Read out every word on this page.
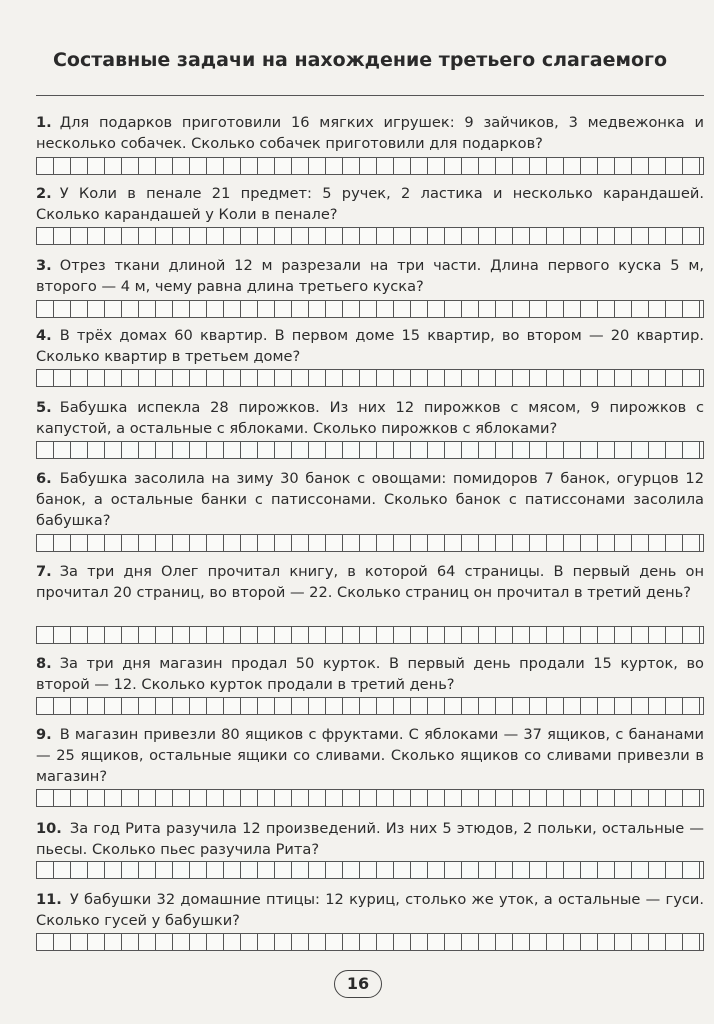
Составные задачи на нахождение третьего слагаемого

1. Для подарков приготовили 16 мягких игрушек: 9 зайчиков, 3 медвежонка и несколько собачек. Сколько собачек приготовили для подарков?

2. У Коли в пенале 21 предмет: 5 ручек, 2 ластика и несколько карандашей. Сколько карандашей у Коли в пенале?

3. Отрез ткани длиной 12 м разрезали на три части. Длина первого куска 5 м, второго — 4 м, чему равна длина третьего куска?

4. В трёх домах 60 квартир. В первом доме 15 квартир, во втором — 20 квартир. Сколько квартир в третьем доме?

5. Бабушка испекла 28 пирожков. Из них 12 пирожков с мясом, 9 пирожков с капустой, а остальные с яблоками. Сколько пирожков с яблоками?

6. Бабушка засолила на зиму 30 банок с овощами: помидоров 7 банок, огурцов 12 банок, а остальные банки с патиссонами. Сколько банок с патиссонами засолила бабушка?

7. За три дня Олег прочитал книгу, в которой 64 страницы. В первый день он прочитал 20 страниц, во второй — 22. Сколько страниц он прочитал в третий день?

8. За три дня магазин продал 50 курток. В первый день продали 15 курток, во второй — 12. Сколько курток продали в третий день?

9. В магазин привезли 80 ящиков с фруктами. С яблоками — 37 ящиков, с бананами — 25 ящиков, остальные ящики со сливами. Сколько ящиков со сливами привезли в магазин?

10. За год Рита разучила 12 произведений. Из них 5 этюдов, 2 польки, остальные — пьесы. Сколько пьес разучила Рита?

11. У бабушки 32 домашние птицы: 12 куриц, столько же уток, а остальные — гуси. Сколько гусей у бабушки?

16
